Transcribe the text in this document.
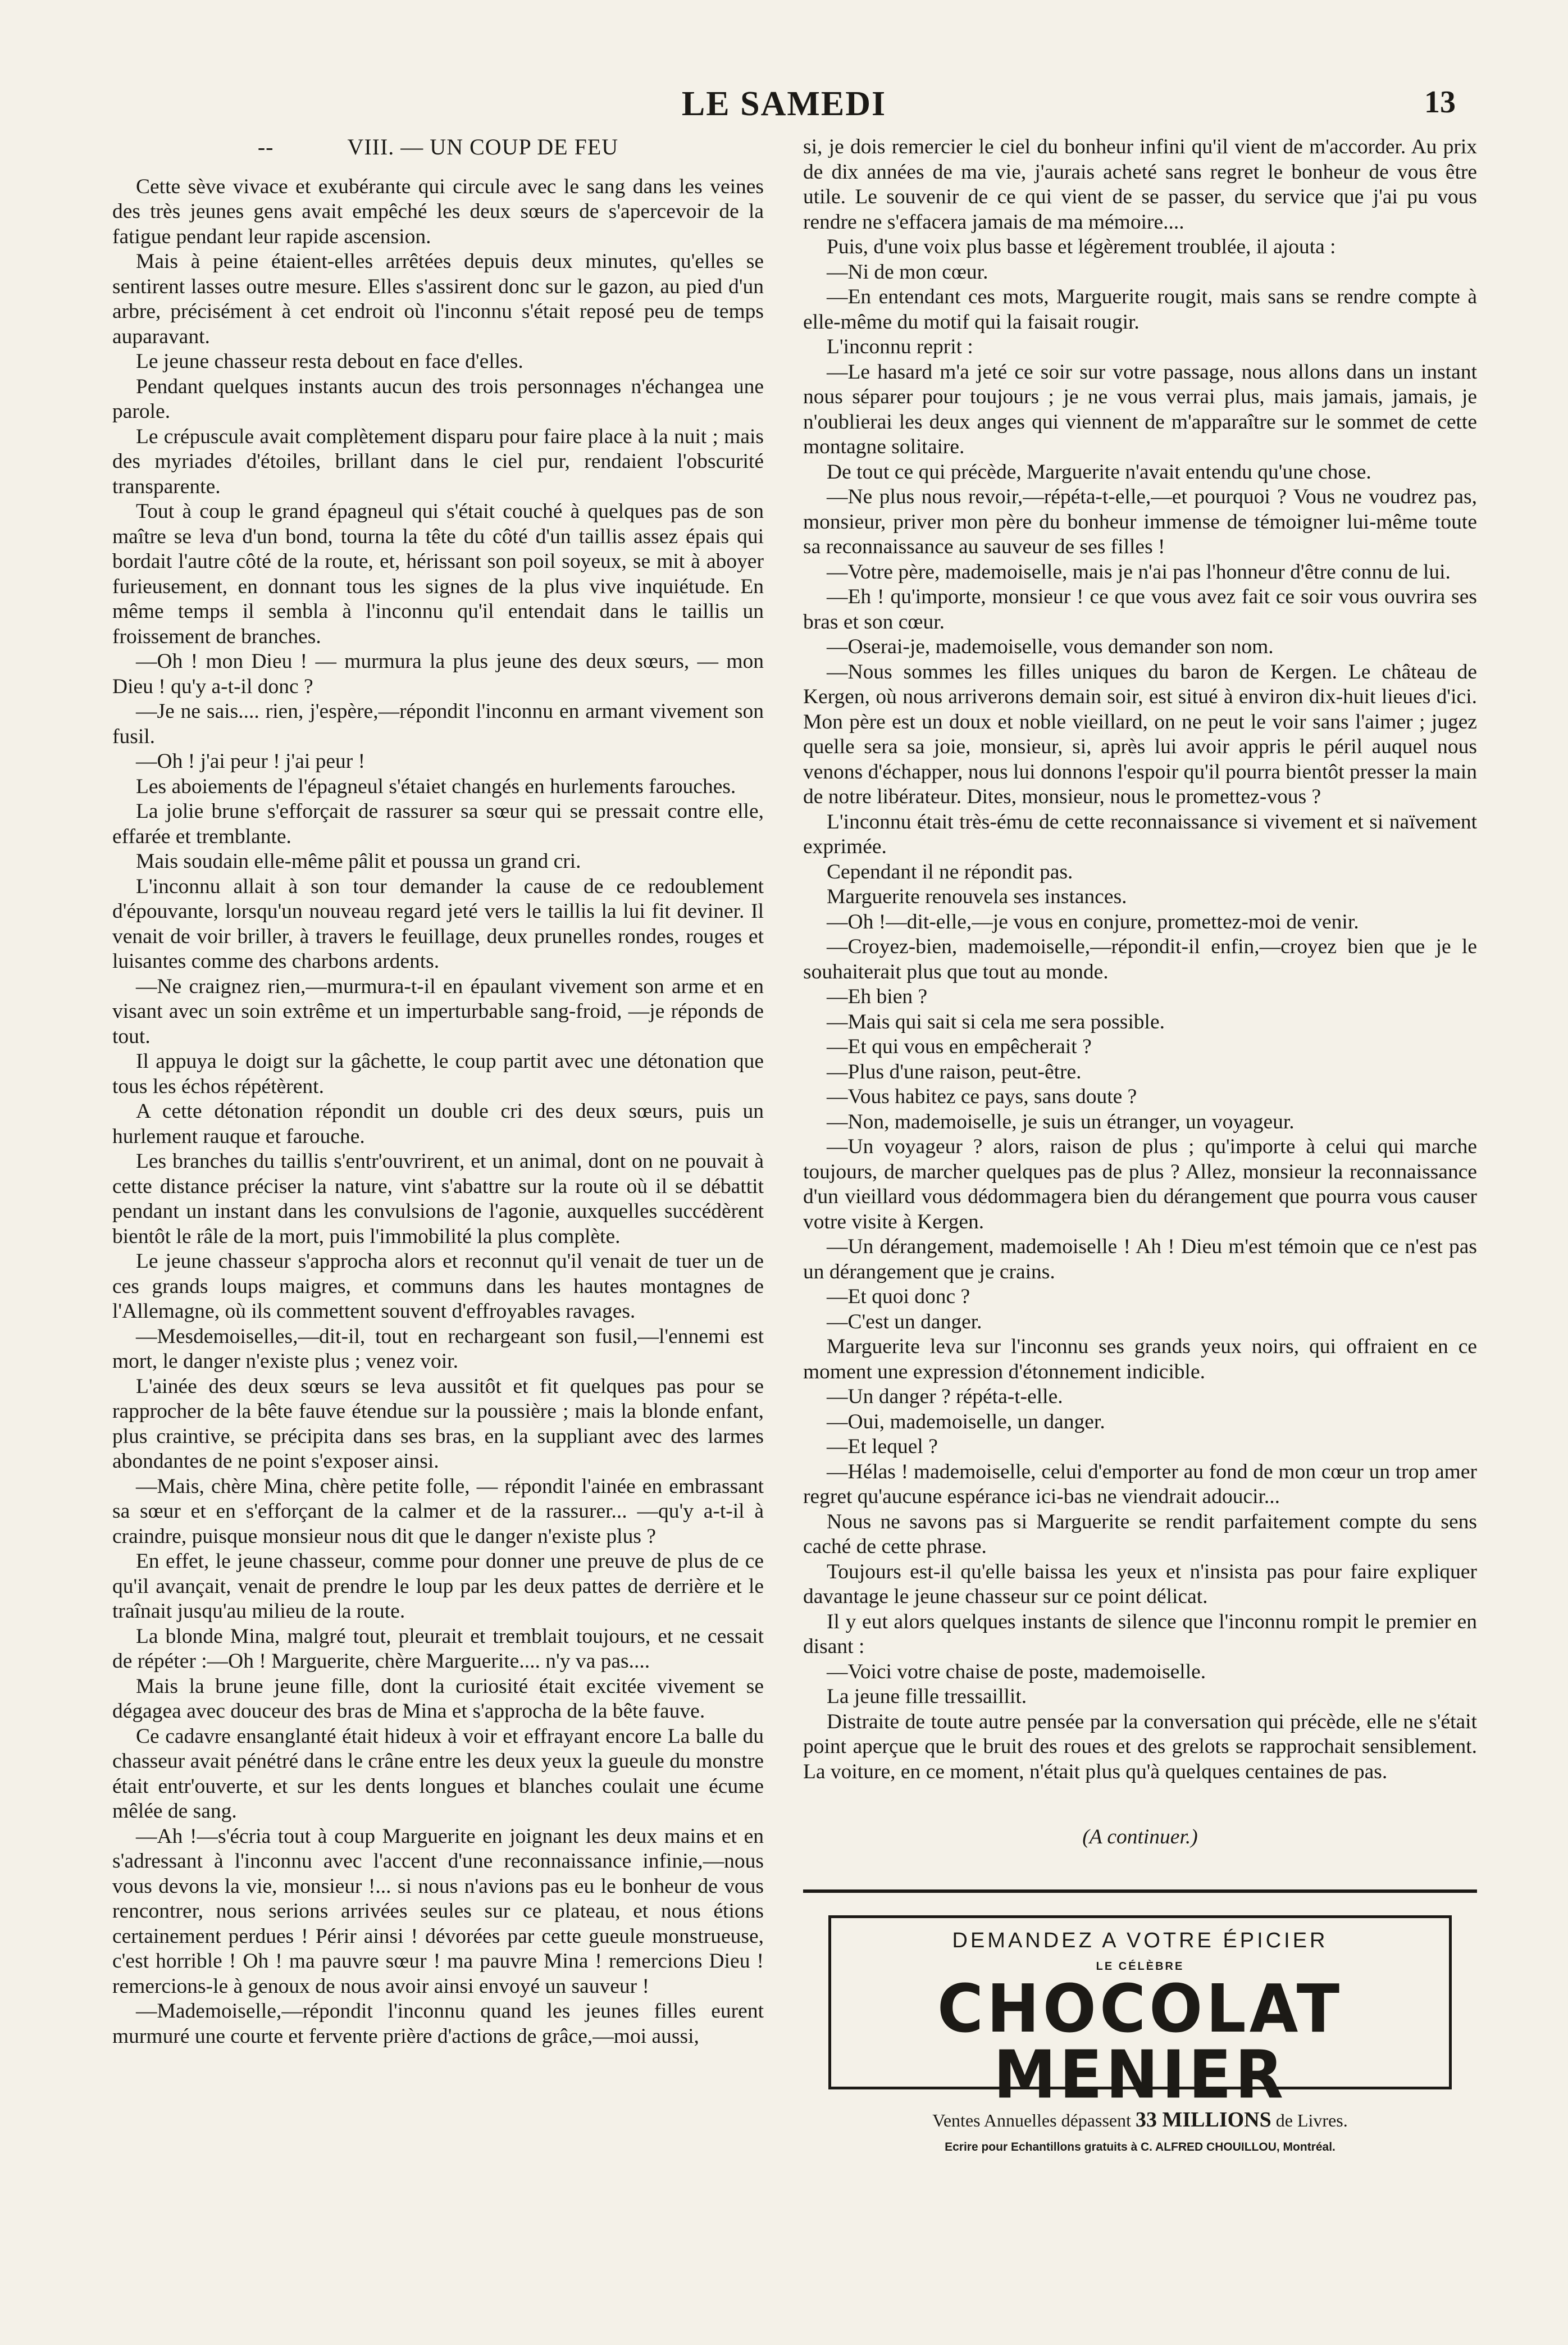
LE SAMEDI	13
--	VIII. — UN COUP DE FEU

Cette sève vivace et exubérante qui circule avec le sang dans les veines des très jeunes gens avait empêché les deux sœurs de s'apercevoir de la fatigue pendant leur rapide ascension.

Mais à peine étaient-elles arrêtées depuis deux minutes, qu'elles se sentirent lasses outre mesure. Elles s'assirent donc sur le gazon, au pied d'un arbre, précisément à cet endroit où l'inconnu s'était reposé peu de temps auparavant.

Le jeune chasseur resta debout en face d'elles.

Pendant quelques instants aucun des trois personnages n'échangea une parole.

Le crépuscule avait complètement disparu pour faire place à la nuit ; mais des myriades d'étoiles, brillant dans le ciel pur, rendaient l'obscurité transparente.

Tout à coup le grand épagneul qui s'était couché à quelques pas de son maître se leva d'un bond, tourna la tête du côté d'un taillis assez épais qui bordait l'autre côté de la route, et, hérissant son poil soyeux, se mit à aboyer furieusement, en donnant tous les signes de la plus vive inquiétude. En même temps il sembla à l'inconnu qu'il entendait dans le taillis un froissement de branches.

—Oh ! mon Dieu ! — murmura la plus jeune des deux sœurs, — mon Dieu ! qu'y a-t-il donc ?

—Je ne sais.... rien, j'espère,—répondit l'inconnu en armant vivement son fusil.

—Oh ! j'ai peur ! j'ai peur !

Les aboiements de l'épagneul s'étaiet changés en hurlements farouches.

La jolie brune s'efforçait de rassurer sa sœur qui se pressait contre elle, effarée et tremblante.

Mais soudain elle-même pâlit et poussa un grand cri.

L'inconnu allait à son tour demander la cause de ce redoublement d'épouvante, lorsqu'un nouveau regard jeté vers le taillis la lui fit deviner. Il venait de voir briller, à travers le feuillage, deux prunelles rondes, rouges et luisantes comme des charbons ardents.

—Ne craignez rien,—murmura-t-il en épaulant vivement son arme et en visant avec un soin extrême et un imperturbable sang-froid, —je réponds de tout.

Il appuya le doigt sur la gâchette, le coup partit avec une détonation que tous les échos répétèrent.

A cette détonation répondit un double cri des deux sœurs, puis un hurlement rauque et farouche.

Les branches du taillis s'entr'ouvrirent, et un animal, dont on ne pouvait à cette distance préciser la nature, vint s'abattre sur la route où il se débattit pendant un instant dans les convulsions de l'agonie, auxquelles succédèrent bientôt le râle de la mort, puis l'immobilité la plus complète.

Le jeune chasseur s'approcha alors et reconnut qu'il venait de tuer un de ces grands loups maigres, et communs dans les hautes montagnes de l'Allemagne, où ils commettent souvent d'effroyables ravages.

—Mesdemoiselles,—dit-il, tout en rechargeant son fusil,—l'ennemi est mort, le danger n'existe plus ; venez voir.

L'ainée des deux sœurs se leva aussitôt et fit quelques pas pour se rapprocher de la bête fauve étendue sur la poussière ; mais la blonde enfant, plus craintive, se précipita dans ses bras, en la suppliant avec des larmes abondantes de ne point s'exposer ainsi.

—Mais, chère Mina, chère petite folle, — répondit l'ainée en embrassant sa sœur et en s'efforçant de la calmer et de la rassurer... —qu'y a-t-il à craindre, puisque monsieur nous dit que le danger n'existe plus ?

En effet, le jeune chasseur, comme pour donner une preuve de plus de ce qu'il avançait, venait de prendre le loup par les deux pattes de derrière et le traînait jusqu'au milieu de la route.

La blonde Mina, malgré tout, pleurait et tremblait toujours, et ne cessait de répéter :—Oh ! Marguerite, chère Marguerite.... n'y va pas....

Mais la brune jeune fille, dont la curiosité était excitée vivement se dégagea avec douceur des bras de Mina et s'approcha de la bête fauve.

Ce cadavre ensanglanté était hideux à voir et effrayant encore La balle du chasseur avait pénétré dans le crâne entre les deux yeux la gueule du monstre était entr'ouverte, et sur les dents longues et blanches coulait une écume mêlée de sang.

—Ah !—s'écria tout à coup Marguerite en joignant les deux mains et en s'adressant à l'inconnu avec l'accent d'une reconnaissance infinie,—nous vous devons la vie, monsieur !... si nous n'avions pas eu le bonheur de vous rencontrer, nous serions arrivées seules sur ce plateau, et nous étions certainement perdues ! Périr ainsi ! dévorées par cette gueule monstrueuse, c'est horrible ! Oh ! ma pauvre sœur ! ma pauvre Mina ! remercions Dieu ! remercions-le à genoux de nous avoir ainsi envoyé un sauveur !

—Mademoiselle,—répondit l'inconnu quand les jeunes filles eurent murmuré une courte et fervente prière d'actions de grâce,—moi aussi,

si, je dois remercier le ciel du bonheur infini qu'il vient de m'accorder. Au prix de dix années de ma vie, j'aurais acheté sans regret le bonheur de vous être utile. Le souvenir de ce qui vient de se passer, du service que j'ai pu vous rendre ne s'effacera jamais de ma mémoire....

Puis, d'une voix plus basse et légèrement troublée, il ajouta :

—Ni de mon cœur.

—En entendant ces mots, Marguerite rougit, mais sans se rendre compte à elle-même du motif qui la faisait rougir.

L'inconnu reprit :

—Le hasard m'a jeté ce soir sur votre passage, nous allons dans un instant nous séparer pour toujours ; je ne vous verrai plus, mais jamais, jamais, je n'oublierai les deux anges qui viennent de m'apparaître sur le sommet de cette montagne solitaire.

De tout ce qui précède, Marguerite n'avait entendu qu'une chose.

—Ne plus nous revoir,—répéta-t-elle,—et pourquoi ? Vous ne voudrez pas, monsieur, priver mon père du bonheur immense de témoigner lui-même toute sa reconnaissance au sauveur de ses filles !

—Votre père, mademoiselle, mais je n'ai pas l'honneur d'être connu de lui.

—Eh ! qu'importe, monsieur ! ce que vous avez fait ce soir vous ouvrira ses bras et son cœur.

—Oserai-je, mademoiselle, vous demander son nom.

—Nous sommes les filles uniques du baron de Kergen. Le château de Kergen, où nous arriverons demain soir, est situé à environ dix-huit lieues d'ici. Mon père est un doux et noble vieillard, on ne peut le voir sans l'aimer ; jugez quelle sera sa joie, monsieur, si, après lui avoir appris le péril auquel nous venons d'échapper, nous lui donnons l'espoir qu'il pourra bientôt presser la main de notre libérateur. Dites, monsieur, nous le promettez-vous ?

L'inconnu était très-ému de cette reconnaissance si vivement et si naïvement exprimée.

Cependant il ne répondit pas.

Marguerite renouvela ses instances.

—Oh !—dit-elle,—je vous en conjure, promettez-moi de venir.

—Croyez-bien, mademoiselle,—répondit-il enfin,—croyez bien que je le souhaiterait plus que tout au monde.

—Eh bien ?

—Mais qui sait si cela me sera possible.

—Et qui vous en empêcherait ?

—Plus d'une raison, peut-être.

—Vous habitez ce pays, sans doute ?

—Non, mademoiselle, je suis un étranger, un voyageur.

—Un voyageur ? alors, raison de plus ; qu'importe à celui qui marche toujours, de marcher quelques pas de plus ? Allez, monsieur la reconnaissance d'un vieillard vous dédommagera bien du dérangement que pourra vous causer votre visite à Kergen.

—Un dérangement, mademoiselle ! Ah ! Dieu m'est témoin que ce n'est pas un dérangement que je crains.

—Et quoi donc ?

—C'est un danger.

Marguerite leva sur l'inconnu ses grands yeux noirs, qui offraient en ce moment une expression d'étonnement indicible.

—Un danger ? répéta-t-elle.

—Oui, mademoiselle, un danger.

—Et lequel ?

—Hélas ! mademoiselle, celui d'emporter au fond de mon cœur un trop amer regret qu'aucune espérance ici-bas ne viendrait adoucir...

Nous ne savons pas si Marguerite se rendit parfaitement compte du sens caché de cette phrase.

Toujours est-il qu'elle baissa les yeux et n'insista pas pour faire expliquer davantage le jeune chasseur sur ce point délicat.

Il y eut alors quelques instants de silence que l'inconnu rompit le premier en disant :

—Voici votre chaise de poste, mademoiselle.

La jeune fille tressaillit.

Distraite de toute autre pensée par la conversation qui précède, elle ne s'était point aperçue que le bruit des roues et des grelots se rapprochait sensiblement. La voiture, en ce moment, n'était plus qu'à quelques centaines de pas.

(A continuer.)
DEMANDEZ A VOTRE ÉPICIER
LE CÉLÈBRE
CHOCOLAT MENIER
Ventes Annuelles dépassent 33 MILLIONS de Livres.
Ecrire pour Echantillons gratuits à C. ALFRED CHOUILLOU, Montréal.
